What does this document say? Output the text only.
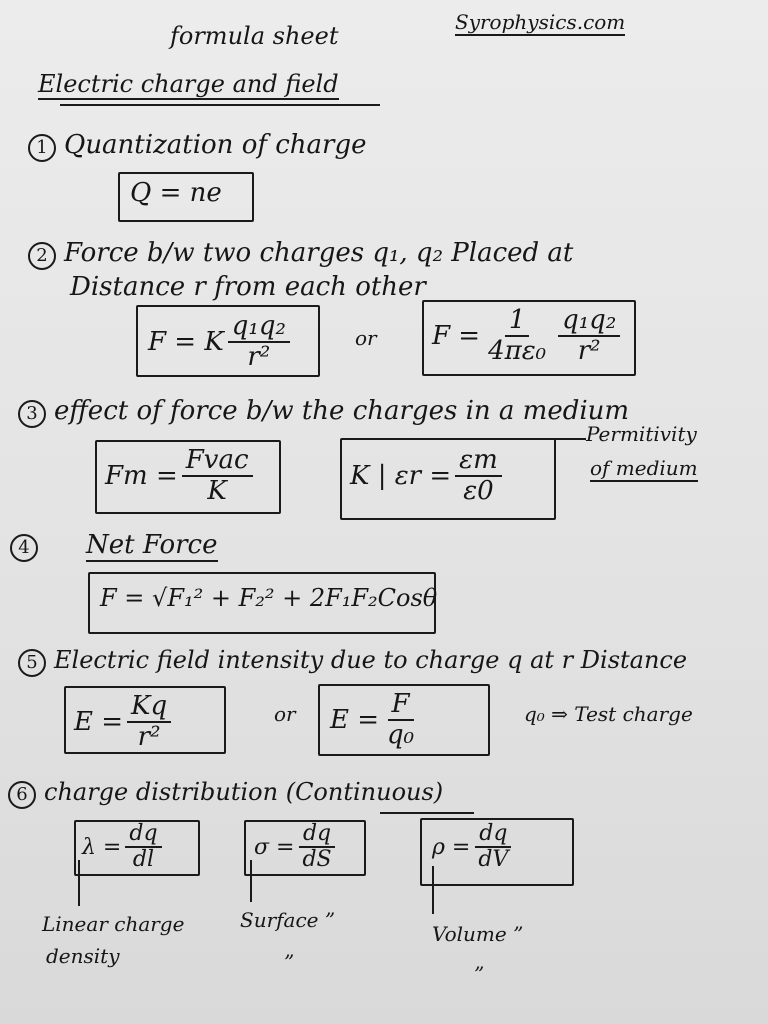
formula sheet	Syrophysics.com
Electric charge and field
1 Quantization of charge
Q = ne
2 Force b/w two charges q₁, q₂ Placed at
Distance r from each other
F = K $\frac{\text{q₁q₂}}{\text{r²}}$	or $F = \frac{1}{\text{4πε₀}} \frac{\text{q₁q₂}}{\text{r²}}$
3 effect of force b/w the charges in a medium
$Fm = \frac{\text{Fvac}}{K}$	K | $\varepsilon r = \frac{\varepsilon m}{\varepsilon 0}$
Permitivity
of medium
4 Net Force
F = √F₁² + F₂² + 2F₁F₂Cosθ
5 Electric field intensity due to charge q at r Distance
$E = \frac{Kq}{\text{r²}}$	or $E = \frac{F}{\text{q₀}}$	q₀ ⇒ Test charge
6 charge distribution (Continuous)
$\lambda = \frac{dq}{dl}$	$\sigma = \frac{dq}{dS}$	$\rho = \frac{dq}{dV}$
Linear charge
density
Surface ”
”
Volume ”
”
